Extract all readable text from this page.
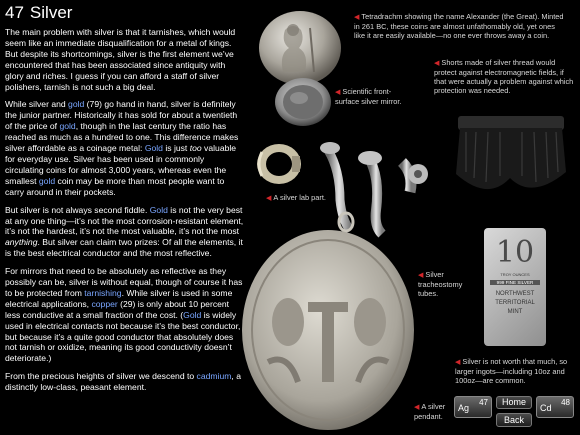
47 Silver

The main problem with silver is that it tarnishes, which would seem like an immediate disqualification for a metal of kings. But despite its shortcomings, silver is the first element we’ve encountered that has been associated since antiquity with glory and riches. I guess if you can afford a staff of silver polishers, tarnish is not such a big deal.

While silver and gold (79) go hand in hand, silver is definitely the junior partner. Historically it has sold for about a twentieth of the price of gold, though in the last century the ratio has reached as much as a hundred to one. This difference makes silver affordable as a coinage metal: Gold is just too valuable for everyday use. Silver has been used in commonly circulating coins for almost 3,000 years, whereas even the smallest gold coin may be more than most people want to carry around in their pockets.

But silver is not always second fiddle. Gold is not the very best at any one thing—it’s not the most corrosion-resistant element, it’s not the hardest, it’s not the most valuable, it’s not the most anything. But silver can claim two prizes: Of all the elements, it is the best electrical conductor and the most reflective.

For mirrors that need to be absolutely as reflective as they possibly can be, silver is without equal, though of course it has to be protected from tarnishing. While silver is used in some electrical applications, copper (29) is only about 10 percent less conductive at a small fraction of the cost. (Gold is widely used in electrical contacts not because it’s the best conductor, but because it’s a quite good conductor that absolutely does not tarnish or oxidize, meaning its good conductivity doesn’t deteriorate.)

From the precious heights of silver we descend to cadmium, a distinctly low-class, peasant element.

◀ Tetradrachm showing the name Alexander (the Great). Minted in 261 BC, these coins are almost unfathomably old, yet ones like it are easily available—no one ever throws away a coin.
◀ Scientific front-surface silver mirror.
◀ Shorts made of silver thread would protect against electromagnetic fields, if that were actually a problem against which protection was needed.
◀ A silver lab part.
◀ Silver tracheostomy tubes.
◀ A silver pendant.
10
TROY OUNCES
999 FINE SILVER
NORTHWEST
TERRITORIAL
MINT
◀ Silver is not worth that much, so larger ingots—including 10oz and 100oz—are common.
Ag
47	Home
Back
Cd
48
